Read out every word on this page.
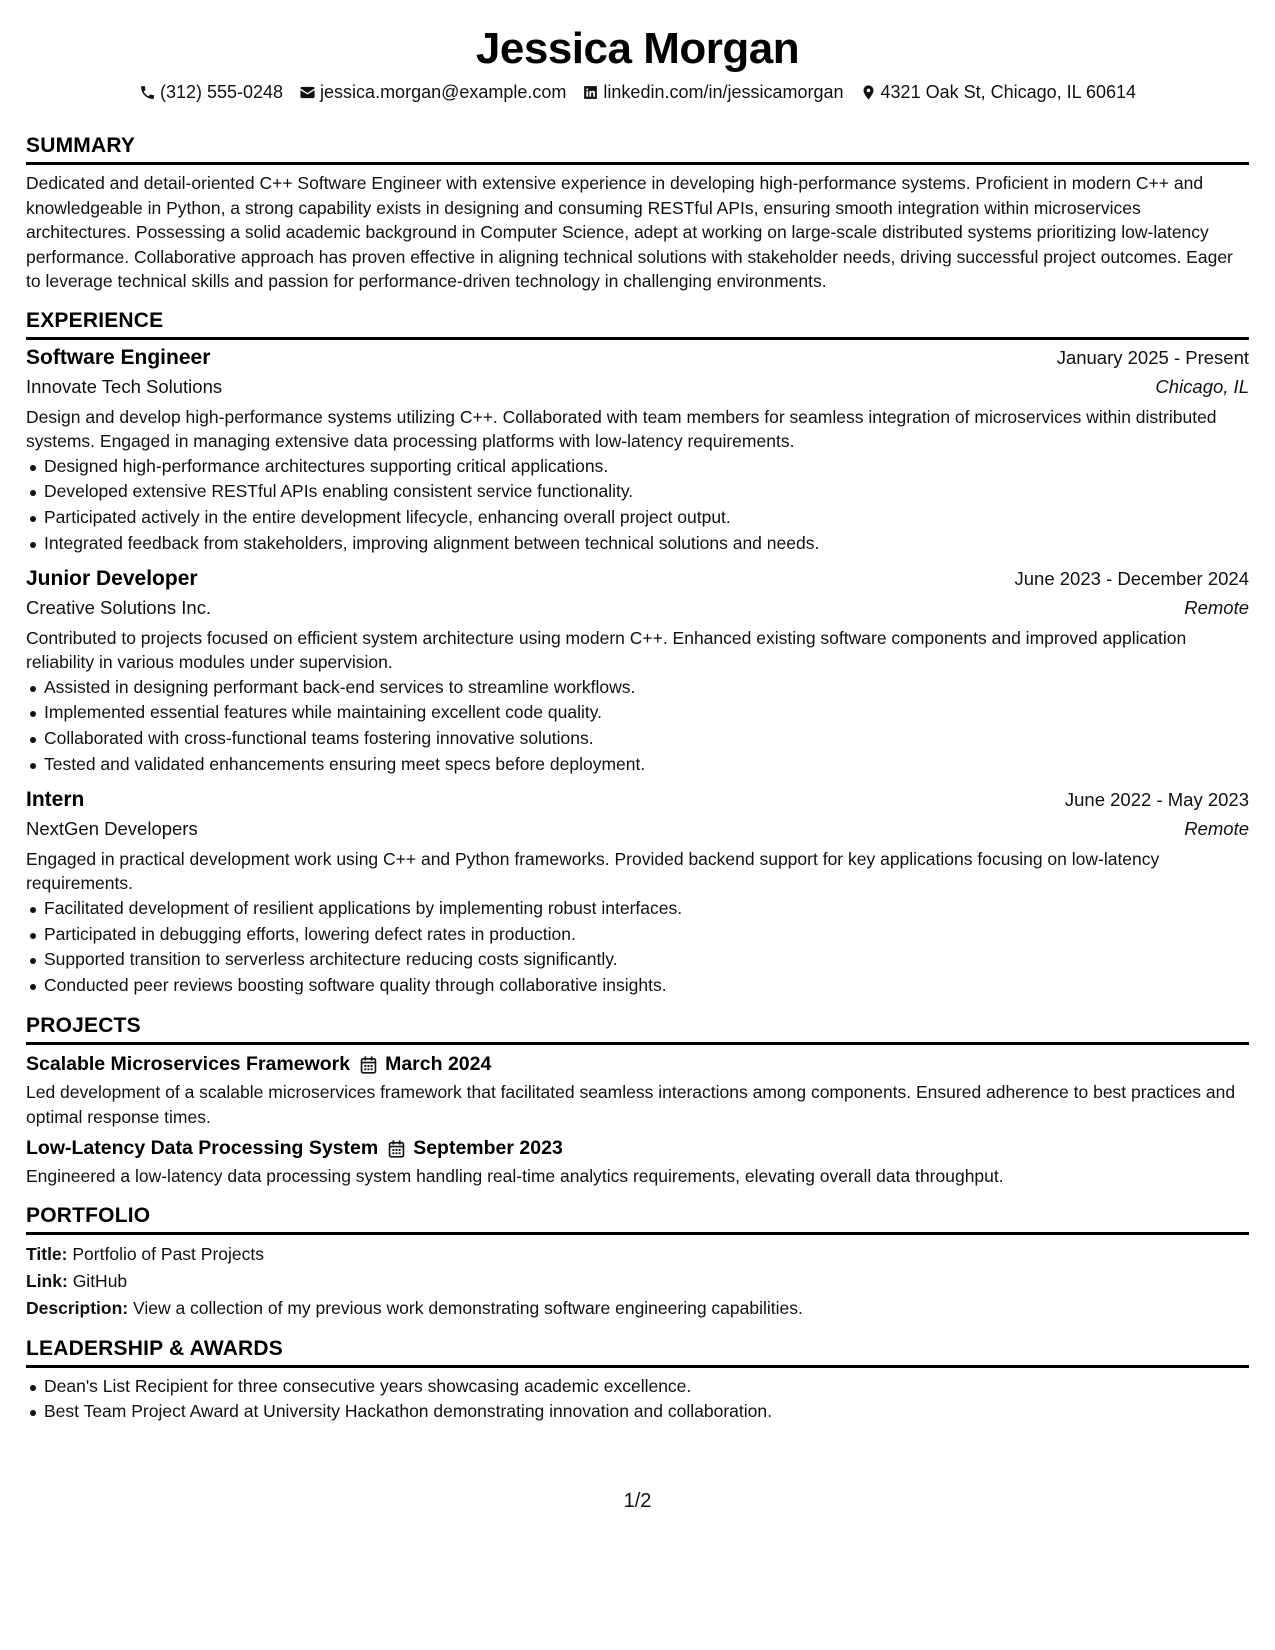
Jessica Morgan
(312) 555-0248 jessica.morgan@example.com linkedin.com/in/jessicamorgan 4321 Oak St, Chicago, IL 60614
SUMMARY
Dedicated and detail-oriented C++ Software Engineer with extensive experience in developing high-performance systems. Proficient in modern C++ and knowledgeable in Python, a strong capability exists in designing and consuming RESTful APIs, ensuring smooth integration within microservices architectures. Possessing a solid academic background in Computer Science, adept at working on large-scale distributed systems prioritizing low-latency performance. Collaborative approach has proven effective in aligning technical solutions with stakeholder needs, driving successful project outcomes. Eager to leverage technical skills and passion for performance-driven technology in challenging environments.
EXPERIENCE
Software Engineer	January 2025 - Present
Innovate Tech Solutions	Chicago, IL
Design and develop high-performance systems utilizing C++. Collaborated with team members for seamless integration of microservices within distributed systems. Engaged in managing extensive data processing platforms with low-latency requirements.
Designed high-performance architectures supporting critical applications.
Developed extensive RESTful APIs enabling consistent service functionality.
Participated actively in the entire development lifecycle, enhancing overall project output.
Integrated feedback from stakeholders, improving alignment between technical solutions and needs.
Junior Developer	June 2023 - December 2024
Creative Solutions Inc.	Remote
Contributed to projects focused on efficient system architecture using modern C++. Enhanced existing software components and improved application reliability in various modules under supervision.
Assisted in designing performant back-end services to streamline workflows.
Implemented essential features while maintaining excellent code quality.
Collaborated with cross-functional teams fostering innovative solutions.
Tested and validated enhancements ensuring meet specs before deployment.
Intern	June 2022 - May 2023
NextGen Developers	Remote
Engaged in practical development work using C++ and Python frameworks. Provided backend support for key applications focusing on low-latency requirements.
Facilitated development of resilient applications by implementing robust interfaces.
Participated in debugging efforts, lowering defect rates in production.
Supported transition to serverless architecture reducing costs significantly.
Conducted peer reviews boosting software quality through collaborative insights.
PROJECTS
Scalable Microservices Framework March 2024
Led development of a scalable microservices framework that facilitated seamless interactions among components. Ensured adherence to best practices and optimal response times.
Low-Latency Data Processing System September 2023
Engineered a low-latency data processing system handling real-time analytics requirements, elevating overall data throughput.
PORTFOLIO
Title: Portfolio of Past Projects
Link: GitHub
Description: View a collection of my previous work demonstrating software engineering capabilities.
LEADERSHIP & AWARDS
Dean's List Recipient for three consecutive years showcasing academic excellence.
Best Team Project Award at University Hackathon demonstrating innovation and collaboration.
1/2
